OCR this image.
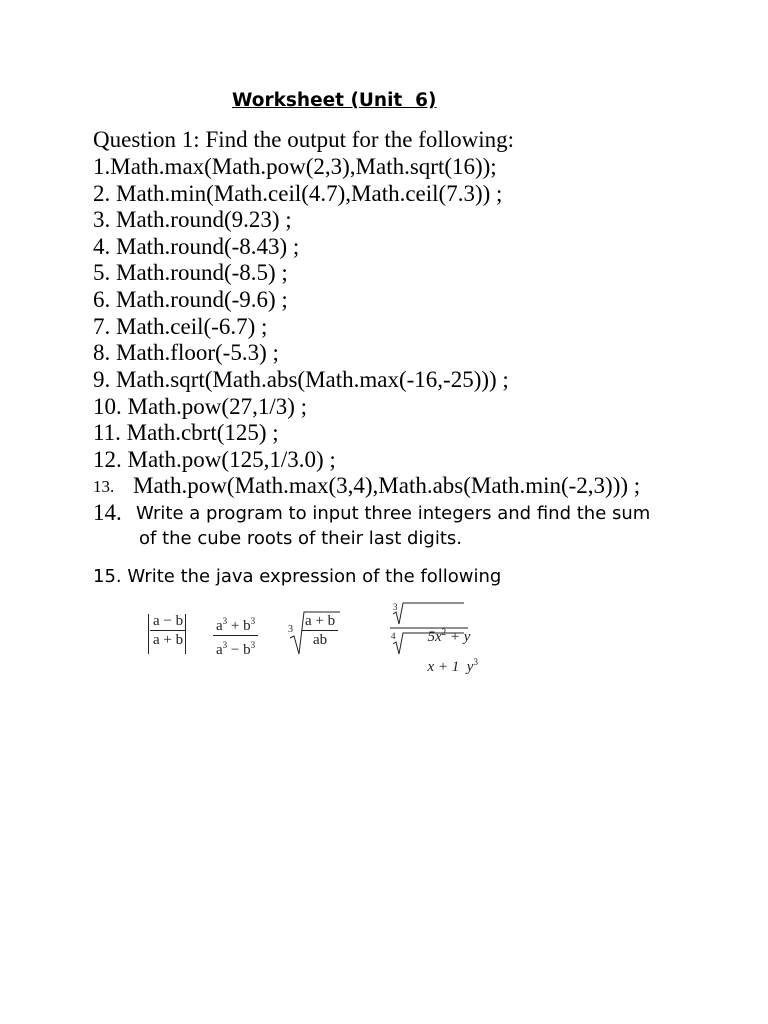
Worksheet (Unit  6)
Question 1: Find the output for the following:
1.Math.max(Math.pow(2,3),Math.sqrt(16));
2. Math.min(Math.ceil(4.7),Math.ceil(7.3)) ;
3. Math.round(9.23) ;
4. Math.round(-8.43) ;
5. Math.round(-8.5) ;
6. Math.round(-9.6) ;
7. Math.ceil(-6.7) ;
8. Math.floor(-5.3) ;
9. Math.sqrt(Math.abs(Math.max(-16,-25))) ;
10. Math.pow(27,1/3) ;
11. Math.cbrt(125) ;
12. Math.pow(125,1/3.0) ;
13. Math.pow(Math.max(3,4),Math.abs(Math.min(-2,3))) ;
14. Write a program to input three integers and find the sum
of the cube roots of their last digits.
15. Write the java expression of the following
$\frac{a - b}{a + b} \frac{a^3 + b^3}{a^3 - b^3}$	3
a + b
ab
3

$5x^2 + y$

4

x + 1 $y^3$
